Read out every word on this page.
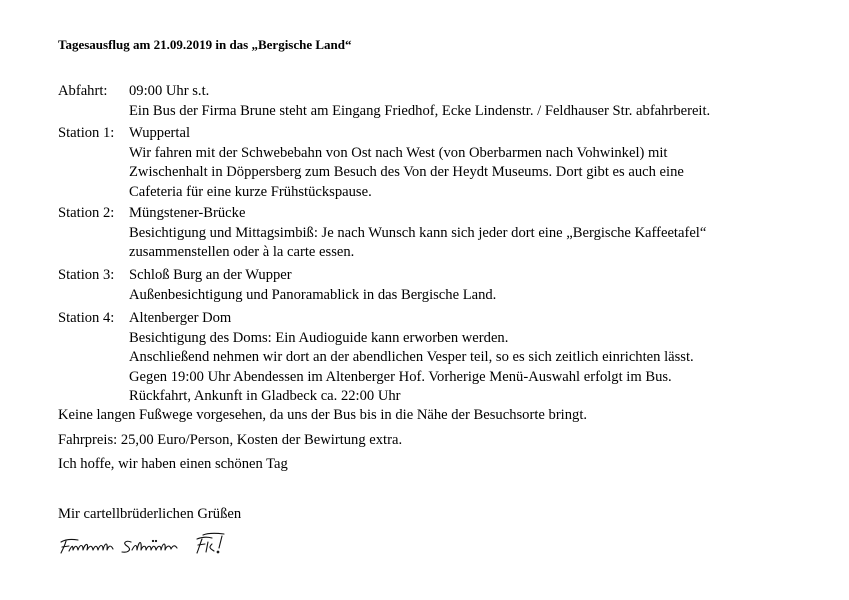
Tagesausflug am 21.09.2019 in das „Bergische Land“
Abfahrt: 09:00 Uhr s.t.
Ein Bus der Firma Brune steht am Eingang Friedhof, Ecke Lindenstr. / Feldhauser Str. abfahrbereit.
Station 1: Wuppertal
Wir fahren mit der Schwebebahn von Ost nach West (von Oberbarmen nach Vohwinkel) mit
Zwischenhalt in Döppersberg zum Besuch des Von der Heydt Museums. Dort gibt es auch eine
Cafeteria für eine kurze Frühstückspause.
Station 2: Müngstener-Brücke
Besichtigung und Mittagsimbiß: Je nach Wunsch kann sich jeder dort eine „Bergische Kaffeetafel“
zusammenstellen oder à la carte essen.
Station 3: Schloß Burg an der Wupper
Außenbesichtigung und Panoramablick in das Bergische Land.
Station 4: Altenberger Dom
Besichtigung des Doms: Ein Audioguide kann erworben werden.
Anschließend nehmen wir dort an der abendlichen Vesper teil, so es sich zeitlich einrichten lässt.
Gegen 19:00 Uhr Abendessen im Altenberger Hof. Vorherige Menü-Auswahl erfolgt im Bus.
Rückfahrt, Ankunft in Gladbeck ca. 22:00 Uhr
Keine langen Fußwege vorgesehen, da uns der Bus bis in die Nähe der Besuchsorte bringt.
Fahrpreis: 25,00 Euro/Person, Kosten der Bewirtung extra.
Ich hoffe, wir haben einen schönen Tag
Mir cartellbrüderlichen Grüßen
